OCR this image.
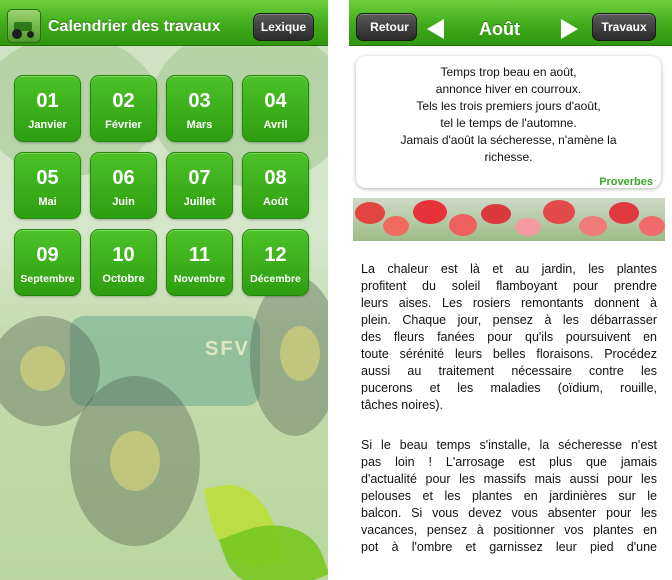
SFV
Calendrier des travaux	Lexique
01
Janvier
02
Février
03
Mars
04
Avril
05
Mai
06
Juin
07
Juillet
08
Août
09
Septembre
10
Octobre
11
Novembre
12
Décembre
Retour	Août	Travaux
Temps trop beau en août,
annonce hiver en courroux.
Tels les trois premiers jours d'août,
tel le temps de l'automne.
Jamais d'août la sécheresse, n'amène la
richesse.
Proverbes
La chaleur est là et au jardin, les plantes
profitent du soleil flamboyant pour prendre
leurs aises. Les rosiers remontants donnent à
plein. Chaque jour, pensez à les débarrasser
des fleurs fanées pour qu'ils poursuivent en
toute sérénité leurs belles floraisons. Procédez
aussi au traitement nécessaire contre les
pucerons et les maladies (oïdium, rouille,
tâches noires).
Si le beau temps s'installe, la sécheresse n'est
pas loin ! L'arrosage est plus que jamais
d'actualité pour les massifs mais aussi pour les
pelouses et les plantes en jardinières sur le
balcon. Si vous devez vous absenter pour les
vacances, pensez à positionner vos plantes en
pot à l'ombre et garnissez leur pied d'une
